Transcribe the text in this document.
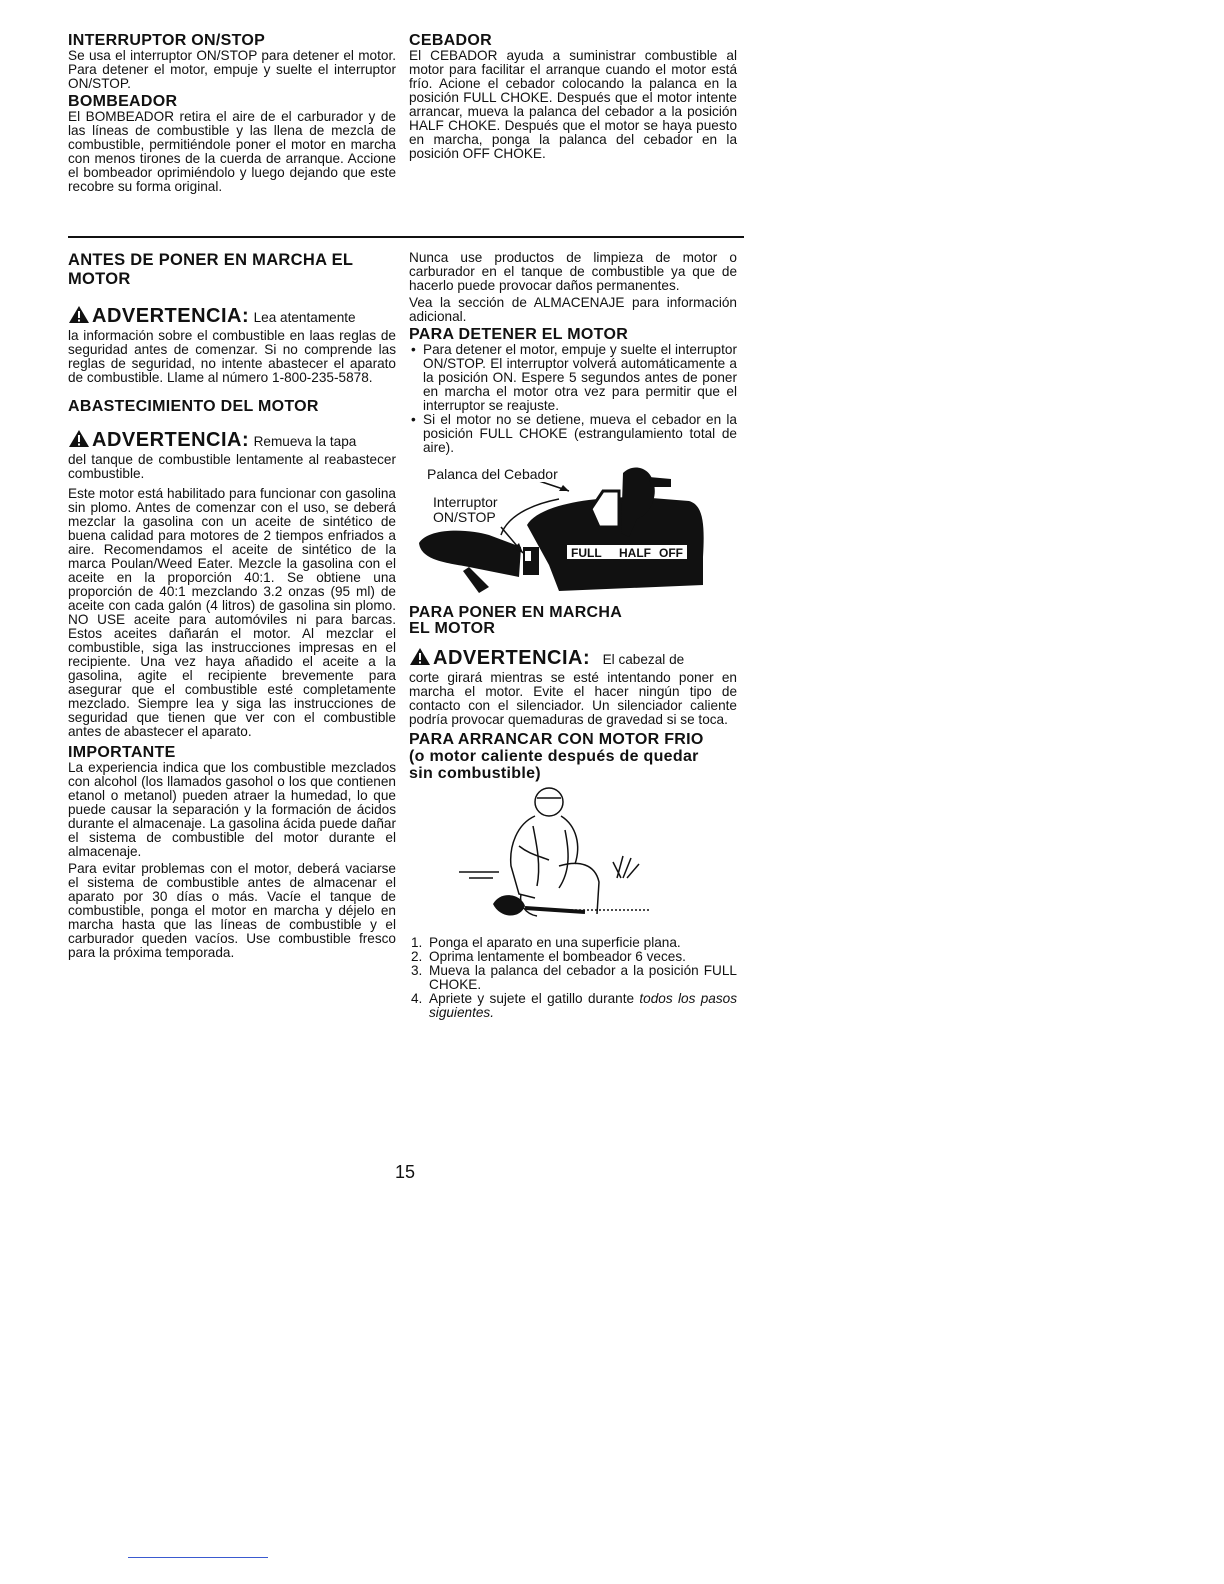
INTERRUPTOR ON/STOP

Se usa el interruptor ON/STOP para detener el motor. Para detener el motor, empuje y suelte el interruptor ON/STOP.

BOMBEADOR

El BOMBEADOR retira el aire de el carburador y de las líneas de combustible y las llena de mezcla de combustible, permitiéndole poner el motor en marcha con menos tirones de la cuerda de arranque. Accione el bombeador oprimiéndolo y luego dejando que este recobre su forma original.

CEBADOR

El CEBADOR ayuda a suministrar combustible al motor para facilitar el arranque cuando el motor está frío. Acione el cebador colocando la palanca en la posición FULL CHOKE. Después que el motor intente arrancar, mueva la palanca del cebador a la posición HALF CHOKE. Después que el motor se haya puesto en marcha, ponga la palanca del cebador en la posición OFF CHOKE.

ANTES DE PONER EN MARCHA EL MOTOR
ADVERTENCIA: Lea atentamente

la información sobre el combustible en laas reglas de seguridad antes de comenzar. Si no comprende las reglas de seguridad, no intente abastecer el aparato de combustible. Llame al número 1-800-235-5878.

ABASTECIMIENTO DEL MOTOR
ADVERTENCIA: Remueva la tapa

del tanque de combustible lentamente al reabastecer combustible.

Este motor está habilitado para funcionar con gasolina sin plomo. Antes de comenzar con el uso, se deberá mezclar la gasolina con un aceite de sintético de buena calidad para motores de 2 tiempos enfriados a aire. Recomendamos el aceite de sintético de la marca Poulan/Weed Eater. Mezcle la gasolina con el aceite en la proporción 40:1. Se obtiene una proporción de 40:1 mezclando 3.2 onzas (95 ml) de aceite con cada galón (4 litros) de gasolina sin plomo. NO USE aceite para automóviles ni para barcas. Estos aceites dañarán el motor. Al mezclar el combustible, siga las instrucciones impresas en el recipiente. Una vez haya añadido el aceite a la gasolina, agite el recipiente brevemente para asegurar que el combustible esté completamente mezclado. Siempre lea y siga las instrucciones de seguridad que tienen que ver con el combustible antes de abastecer el aparato.

IMPORTANTE

La experiencia indica que los combustible mezclados con alcohol (los llamados gasohol o los que contienen etanol o metanol) pueden atraer la humedad, lo que puede causar la separación y la formación de ácidos durante el almacenaje. La gasolina ácida puede dañar el sistema de combustible del motor durante el almacenaje.

Para evitar problemas con el motor, deberá vaciarse el sistema de combustible antes de almacenar el aparato por 30 días o más. Vacíe el tanque de combustible, ponga el motor en marcha y déjelo en marcha hasta que las líneas de combustible y el carburador queden vacíos. Use combustible fresco para la próxima temporada.

Nunca use productos de limpieza de motor o carburador en el tanque de combustible ya que de hacerlo puede provocar daños permanentes.

Vea la sección de ALMACENAJE para información adicional.

PARA DETENER EL MOTOR
• Para detener el motor, empuje y suelte el interruptor ON/STOP. El interruptor volverá automáticamente a la posición ON. Espere 5 segundos antes de poner en marcha el motor otra vez para permitir que el interruptor se reajuste.
• Si el motor no se detiene, mueva el cebador en la posición FULL CHOKE (estrangulamiento total de aire).
FULL HALF OFF
Palanca del Cebador
Interruptor
ON/STOP
PARA PONER EN MARCHA
EL MOTOR
ADVERTENCIA: El cabezal de

corte girará mientras se esté intentando poner en marcha el motor. Evite el hacer ningún tipo de contacto con el silenciador. Un silenciador caliente podría provocar quemaduras de gravedad si se toca.

PARA ARRANCAR CON MOTOR FRIO (o motor caliente después de quedar sin combustible)
1. Ponga el aparato en una superficie plana.
2. Oprima lentamente el bombeador 6 veces.
3. Mueva la palanca del cebador a la posición FULL CHOKE.
4. Apriete y sujete el gatillo durante todos los pasos siguientes.
15
